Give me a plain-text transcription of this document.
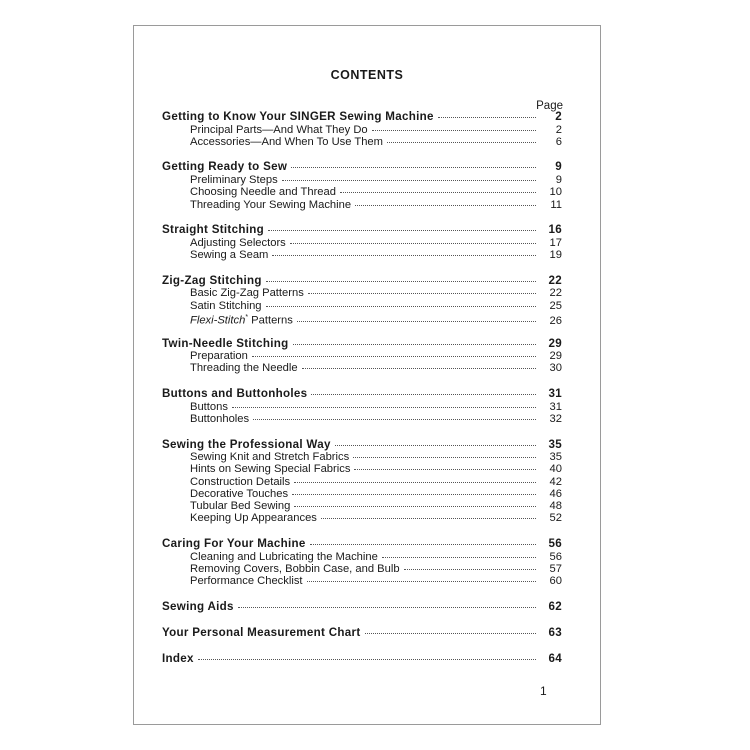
CONTENTS
Page
Getting to Know Your SINGER Sewing Machine	2
Principal Parts—And What They Do	2
Accessories—And When To Use Them	6
Getting Ready to Sew	9
Preliminary Steps	9
Choosing Needle and Thread	10
Threading Your Sewing Machine	11
Straight Stitching	16
Adjusting Selectors	17
Sewing a Seam	19
Zig-Zag Stitching	22
Basic Zig-Zag Patterns	22
Satin Stitching	25
Flexi-Stitch* Patterns	26
Twin-Needle Stitching	29
Preparation	29
Threading the Needle	30
Buttons and Buttonholes	31
Buttons	31
Buttonholes	32
Sewing the Professional Way	35
Sewing Knit and Stretch Fabrics	35
Hints on Sewing Special Fabrics	40
Construction Details	42
Decorative Touches	46
Tubular Bed Sewing	48
Keeping Up Appearances	52
Caring For Your Machine	56
Cleaning and Lubricating the Machine	56
Removing Covers, Bobbin Case, and Bulb	57
Performance Checklist	60
Sewing Aids	62
Your Personal Measurement Chart	63
Index	64
1
